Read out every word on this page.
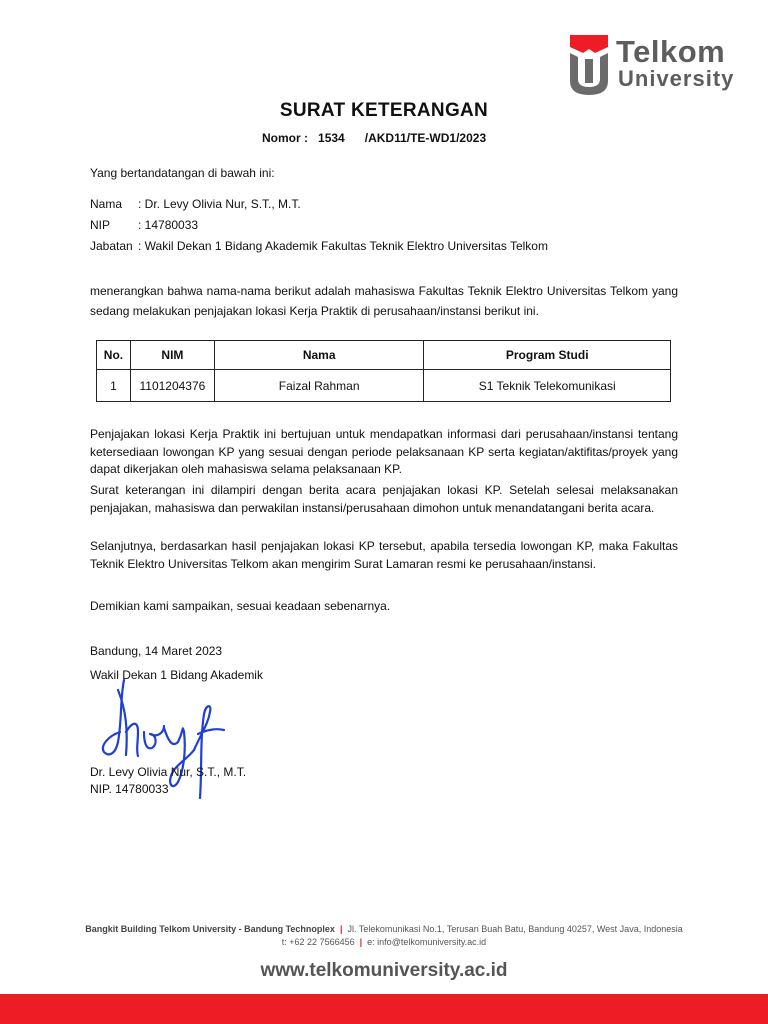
Telkom
University
SURAT KETERANGAN
Nomor : 1534 /AKD11/TE-WD1/2023
Yang bertandatangan di bawah ini:
Nama : Dr. Levy Olivia Nur, S.T., M.T.
NIP : 14780033
Jabatan : Wakil Dekan 1 Bidang Akademik Fakultas Teknik Elektro Universitas Telkom
menerangkan bahwa nama-nama berikut adalah mahasiswa Fakultas Teknik Elektro Universitas Telkom yang sedang melakukan penjajakan lokasi Kerja Praktik di perusahaan/instansi berikut ini.
No.	NIM	Nama	Program Studi
1	1101204376	Faizal Rahman	S1 Teknik Telekomunikasi
Penjajakan lokasi Kerja Praktik ini bertujuan untuk mendapatkan informasi dari perusahaan/instansi tentang ketersediaan lowongan KP yang sesuai dengan periode pelaksanaan KP serta kegiatan/aktifitas/proyek yang dapat dikerjakan oleh mahasiswa selama pelaksanaan KP.
Surat keterangan ini dilampiri dengan berita acara penjajakan lokasi KP. Setelah selesai melaksanakan penjajakan, mahasiswa dan perwakilan instansi/perusahaan dimohon untuk menandatangani berita acara.
Selanjutnya, berdasarkan hasil penjajakan lokasi KP tersebut, apabila tersedia lowongan KP, maka Fakultas Teknik Elektro Universitas Telkom akan mengirim Surat Lamaran resmi ke perusahaan/instansi.
Demikian kami sampaikan, sesuai keadaan sebenarnya.
Bandung, 14 Maret 2023
Wakil Dekan 1 Bidang Akademik
Dr. Levy Olivia Nur, S.T., M.T.
NIP. 14780033
Bangkit Building Telkom University - Bandung Technoplex | Jl. Telekomunikasi No.1, Terusan Buah Batu, Bandung 40257, West Java, Indonesia
t: +62 22 7566456 | e: info@telkomuniversity.ac.id
www.telkomuniversity.ac.id
